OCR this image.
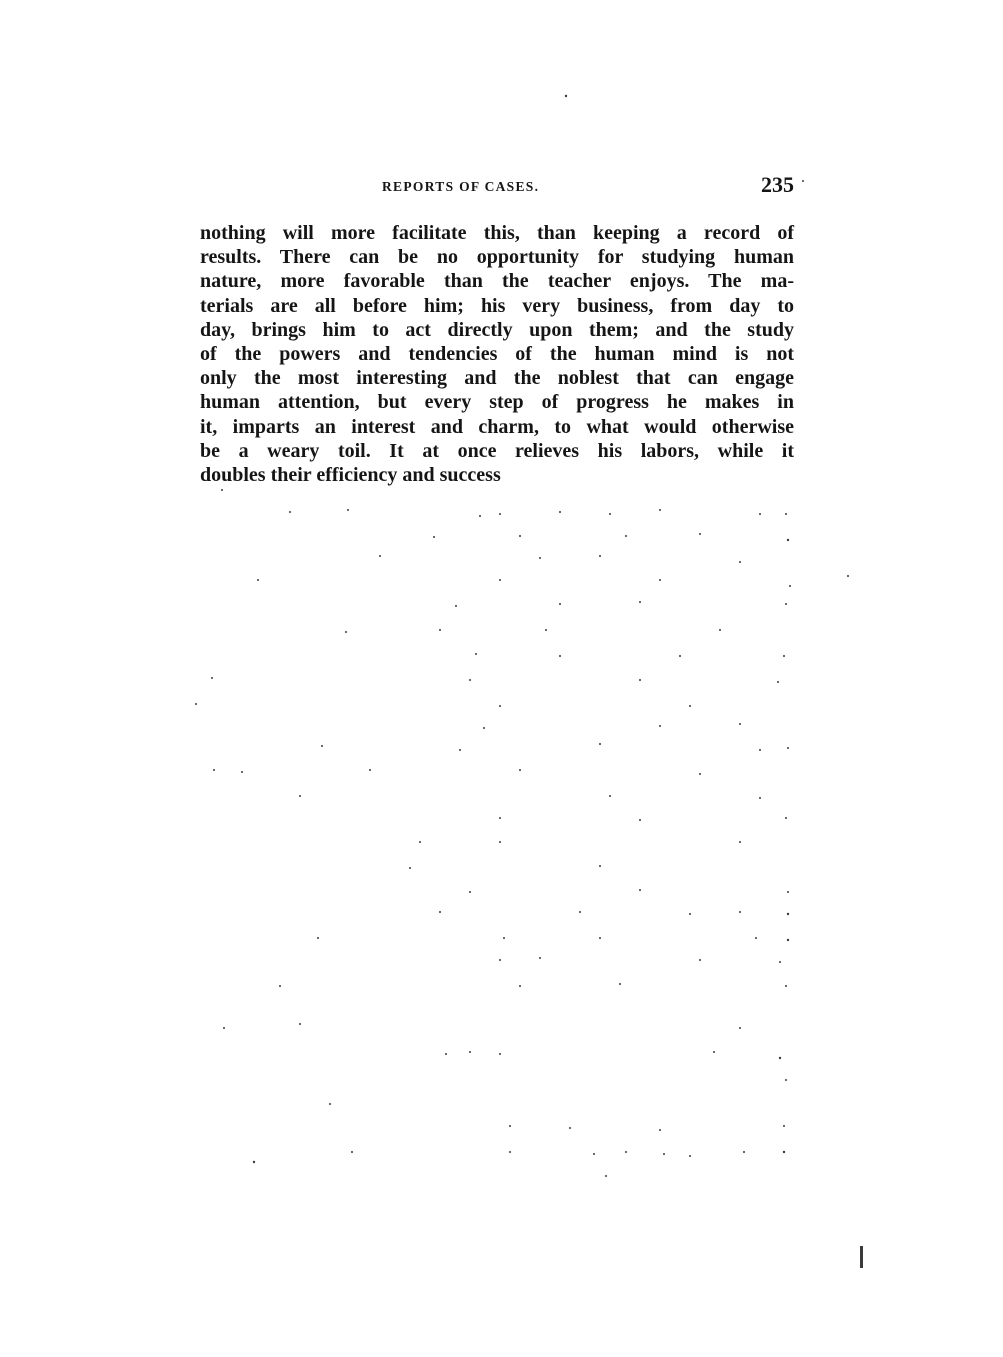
REPORTS OF CASES.	235
nothing will more facilitate this, than keeping a record of
results. There can be no opportunity for studying human
nature, more favorable than the teacher enjoys. The ma-
terials are all before him; his very business, from day to
day, brings him to act directly upon them; and the study
of the powers and tendencies of the human mind is not
only the most interesting and the noblest that can engage
human attention, but every step of progress he makes in
it, imparts an interest and charm, to what would otherwise
be a weary toil. It at once relieves his labors, while it
doubles their efficiency and success
